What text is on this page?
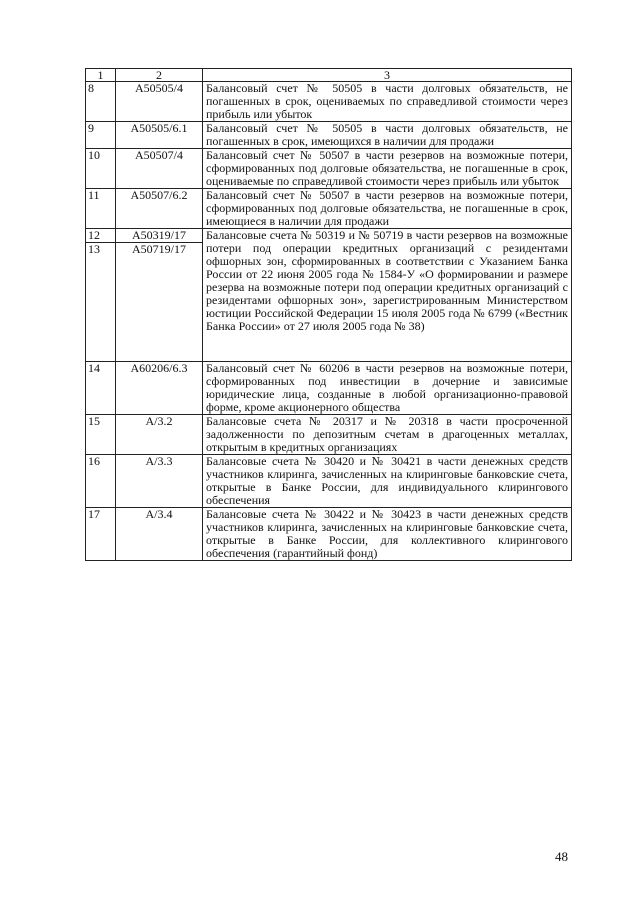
1	2	3
8	А50505/4	Балансовый счет № 50505 в части долговых обязательств, не погашенных в срок, оцениваемых по справедливой стоимости через прибыль или убыток
9	А50505/6.1	Балансовый счет № 50505 в части долговых обязательств, не погашенных в срок, имеющихся в наличии для продажи
10	А50507/4	Балансовый счет № 50507 в части резервов на возможные потери, сформированных под долговые обязательства, не погашенные в срок, оцениваемые по справедливой стоимости через прибыль или убыток
11	А50507/6.2	Балансовый счет № 50507 в части резервов на возможные потери, сформированных под долговые обязательства, не погашенные в срок, имеющиеся в наличии для продажи
12	А50319/17	Балансовые счета № 50319 и № 50719 в части резервов на возможные потери под операции кредитных организаций с резидентами офшорных зон, сформированных в соответствии с Указанием Банка России от 22 июня 2005 года № 1584-У «О формировании и размере резерва на возможные потери под операции кредитных организаций с резидентами офшорных зон», зарегистрированным Министерством юстиции Российской Федерации 15 июля 2005 года № 6799 («Вестник Банка России» от 27 июля 2005 года № 38)
13	А50719/17	
14	А60206/6.3	Балансовый счет № 60206 в части резервов на возможные потери, сформированных под инвестиции в дочерние и зависимые юридические лица, созданные в любой организационно-правовой форме, кроме акционерного общества
15	А/3.2	Балансовые счета № 20317 и № 20318 в части просроченной задолженности по депозитным счетам в драгоценных металлах, открытым в кредитных организациях
16	А/3.3	Балансовые счета № 30420 и № 30421 в части денежных средств участников клиринга, зачисленных на клиринговые банковские счета, открытые в Банке России, для индивидуального клирингового обеспечения
17	А/3.4	Балансовые счета № 30422 и № 30423 в части денежных средств участников клиринга, зачисленных на клиринговые банковские счета, открытые в Банке России, для коллективного клирингового обеспечения (гарантийный фонд)
48
